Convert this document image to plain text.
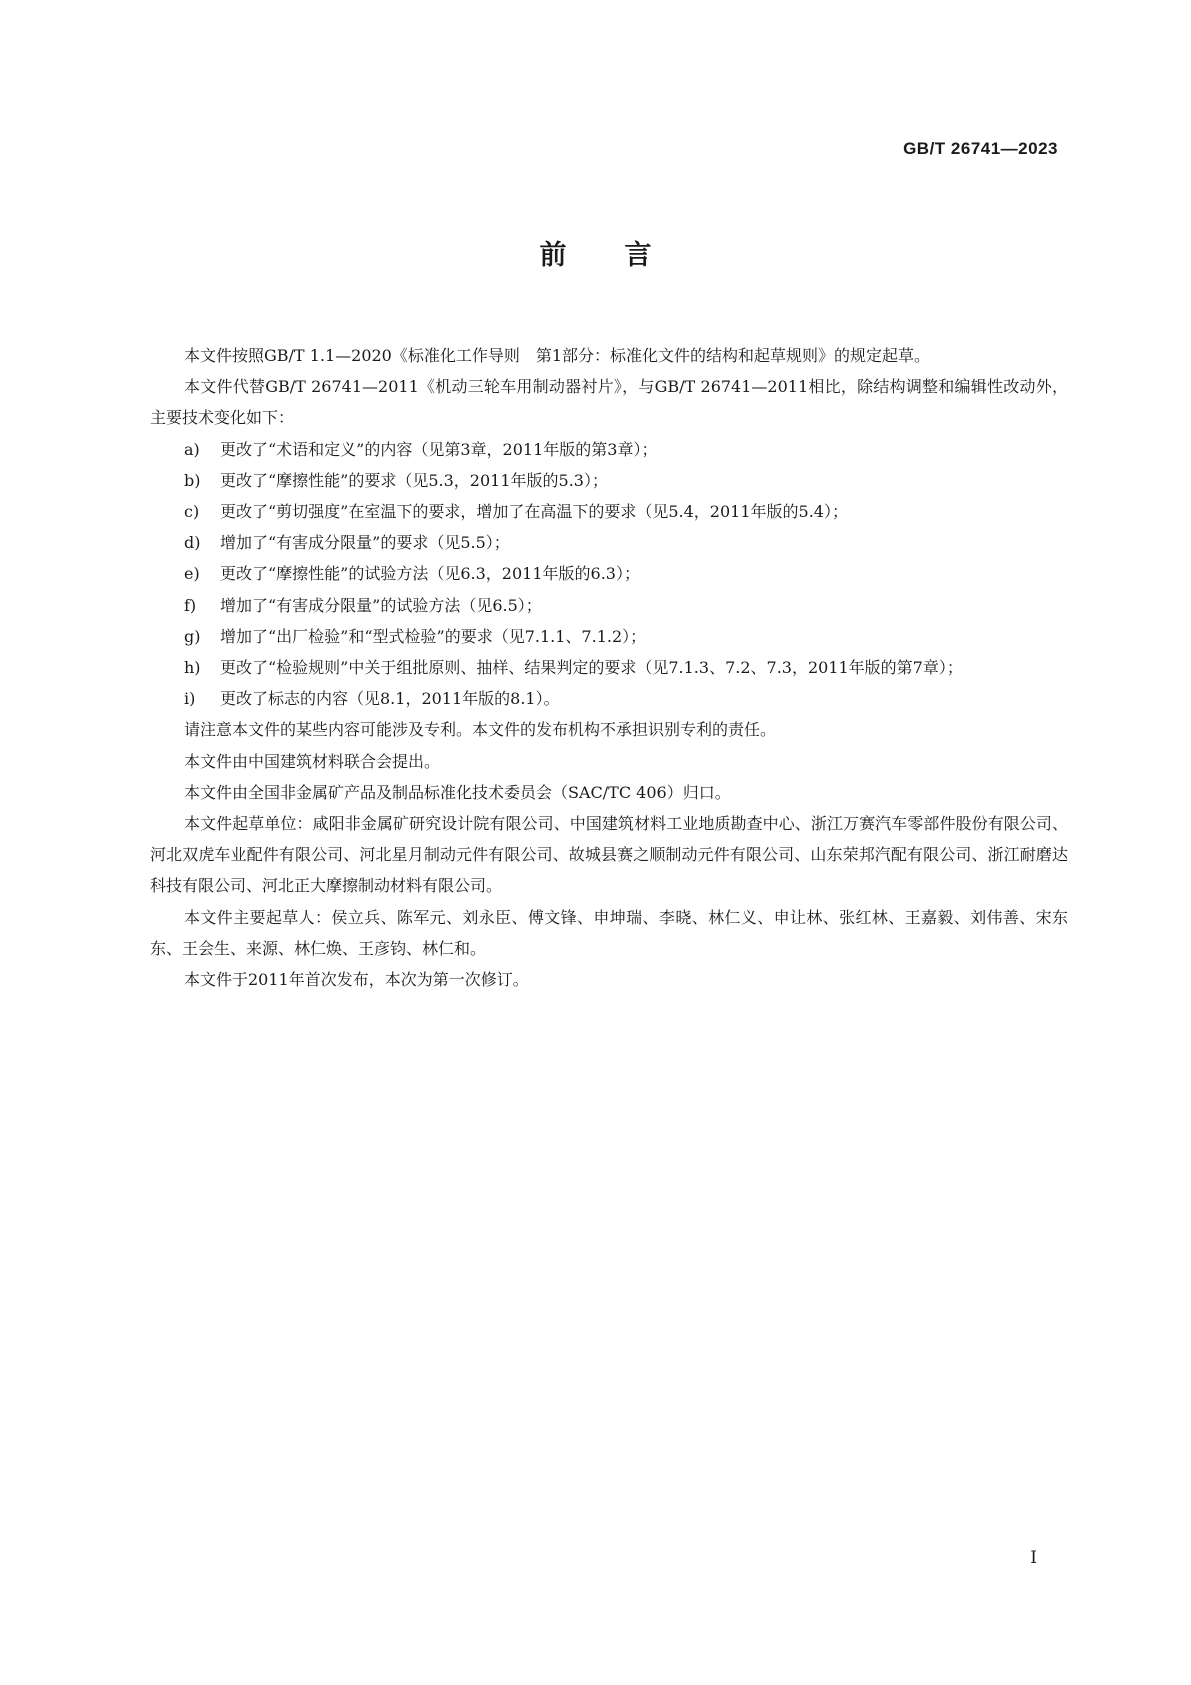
GB/T 26741—2023
前 言

本文件按照GB/T 1.1—2020《标准化工作导则　第1部分：标准化文件的结构和起草规则》的规定起草。

本文件代替GB/T 26741—2011《机动三轮车用制动器衬片》，与GB/T 26741—2011相比，除结构调整和编辑性改动外，主要技术变化如下：

a) 更改了“术语和定义”的内容（见第3章，2011年版的第3章）；
b) 更改了“摩擦性能”的要求（见5.3，2011年版的5.3）；
c) 更改了“剪切强度”在室温下的要求，增加了在高温下的要求（见5.4，2011年版的5.4）；
d) 增加了“有害成分限量”的要求（见5.5）；
e) 更改了“摩擦性能”的试验方法（见6.3，2011年版的6.3）；
f) 增加了“有害成分限量”的试验方法（见6.5）；
g) 增加了“出厂检验”和“型式检验”的要求（见7.1.1、7.1.2）；
h) 更改了“检验规则”中关于组批原则、抽样、结果判定的要求（见7.1.3、7.2、7.3，2011年版的第7章）；
i) 更改了标志的内容（见8.1，2011年版的8.1）。

请注意本文件的某些内容可能涉及专利。本文件的发布机构不承担识别专利的责任。

本文件由中国建筑材料联合会提出。

本文件由全国非金属矿产品及制品标准化技术委员会（SAC/TC 406）归口。

本文件起草单位：咸阳非金属矿研究设计院有限公司、中国建筑材料工业地质勘查中心、浙江万赛汽车零部件股份有限公司、河北双虎车业配件有限公司、河北星月制动元件有限公司、故城县赛之顺制动元件有限公司、山东荣邦汽配有限公司、浙江耐磨达科技有限公司、河北正大摩擦制动材料有限公司。

本文件主要起草人：侯立兵、陈军元、刘永臣、傅文锋、申坤瑞、李晓、林仁义、申让林、张红林、王嘉毅、刘伟善、宋东东、王会生、来源、林仁焕、王彦钧、林仁和。

本文件于2011年首次发布，本次为第一次修订。

I
